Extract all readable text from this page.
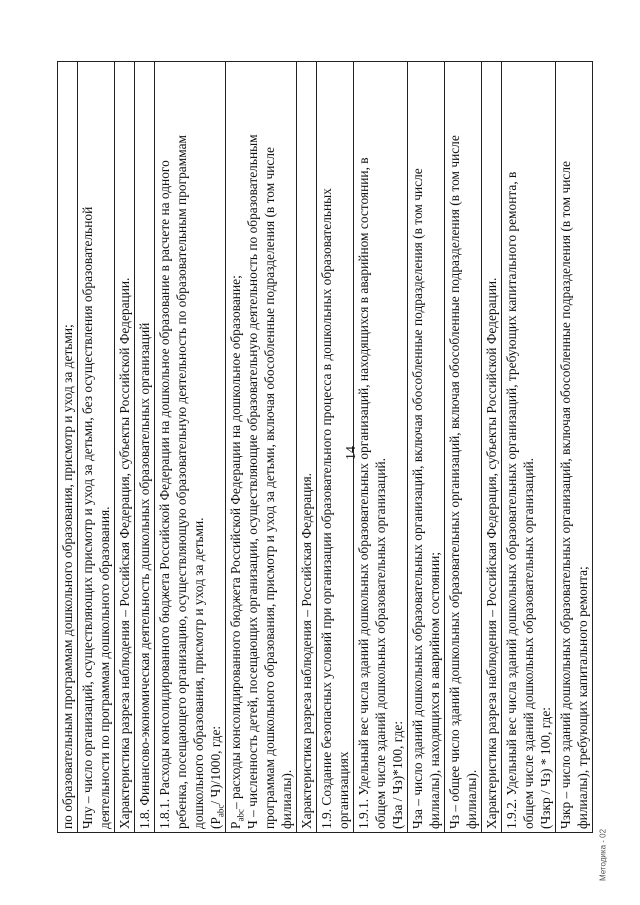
14
по образовательным программам дошкольного образования, присмотр и уход за детьми;

Чпу – число организаций, осуществляющих присмотр и уход за детьми, без осуществления образовательной деятельности по программам дошкольного образования.

Характеристика разреза наблюдения – Российская Федерация, субъекты Российской Федерации.

1.8. Финансово-экономическая деятельность дошкольных образовательных организаций

1.8.1. Расходы консолидированного бюджета Российской Федерации на дошкольное образование в расчете на одного ребенка, посещающего организацию, осуществляющую образовательную деятельность по образовательным программам дошкольного образования, присмотр и уход за детьми. ($Р_{abc}/$ Ч)/1000, где:

$Р_{abc}-$ расходы консолидированного бюджета Российской Федерации на дошкольное образование; Ч – численность детей, посещающих организации, осуществляющие образовательную деятельность по образовательным программам дошкольного образования, присмотр и уход за детьми, включая обособленные подразделения (в том числе филиалы).

Характеристика разреза наблюдения – Российская Федерация.

1.9. Создание безопасных условий при организации образовательного процесса в дошкольных образовательных организациях

1.9.1. Удельный вес числа зданий дошкольных образовательных организаций, находящихся в аварийном состоянии, в общем числе зданий дошкольных образовательных организаций. (Чза / Чз)*100, где:

Чза – число зданий дошкольных образовательных организаций, включая обособленные подразделения (в том числе филиалы), находящихся в аварийном состоянии;

Чз – общее число зданий дошкольных образовательных организаций, включая обособленные подразделения (в том числе филиалы).

Характеристика разреза наблюдения – Российская Федерация, субъекты Российской Федерации.

1.9.2. Удельный вес числа зданий дошкольных образовательных организаций, требующих капитального ремонта, в общем числе зданий дошкольных образовательных организаций. (Чзкр / Чз) * 100, где:

Чзкр – число зданий дошкольных образовательных организаций, включая обособленные подразделения (в том числе филиалы), требующих капитального ремонта;
Методика - 02
